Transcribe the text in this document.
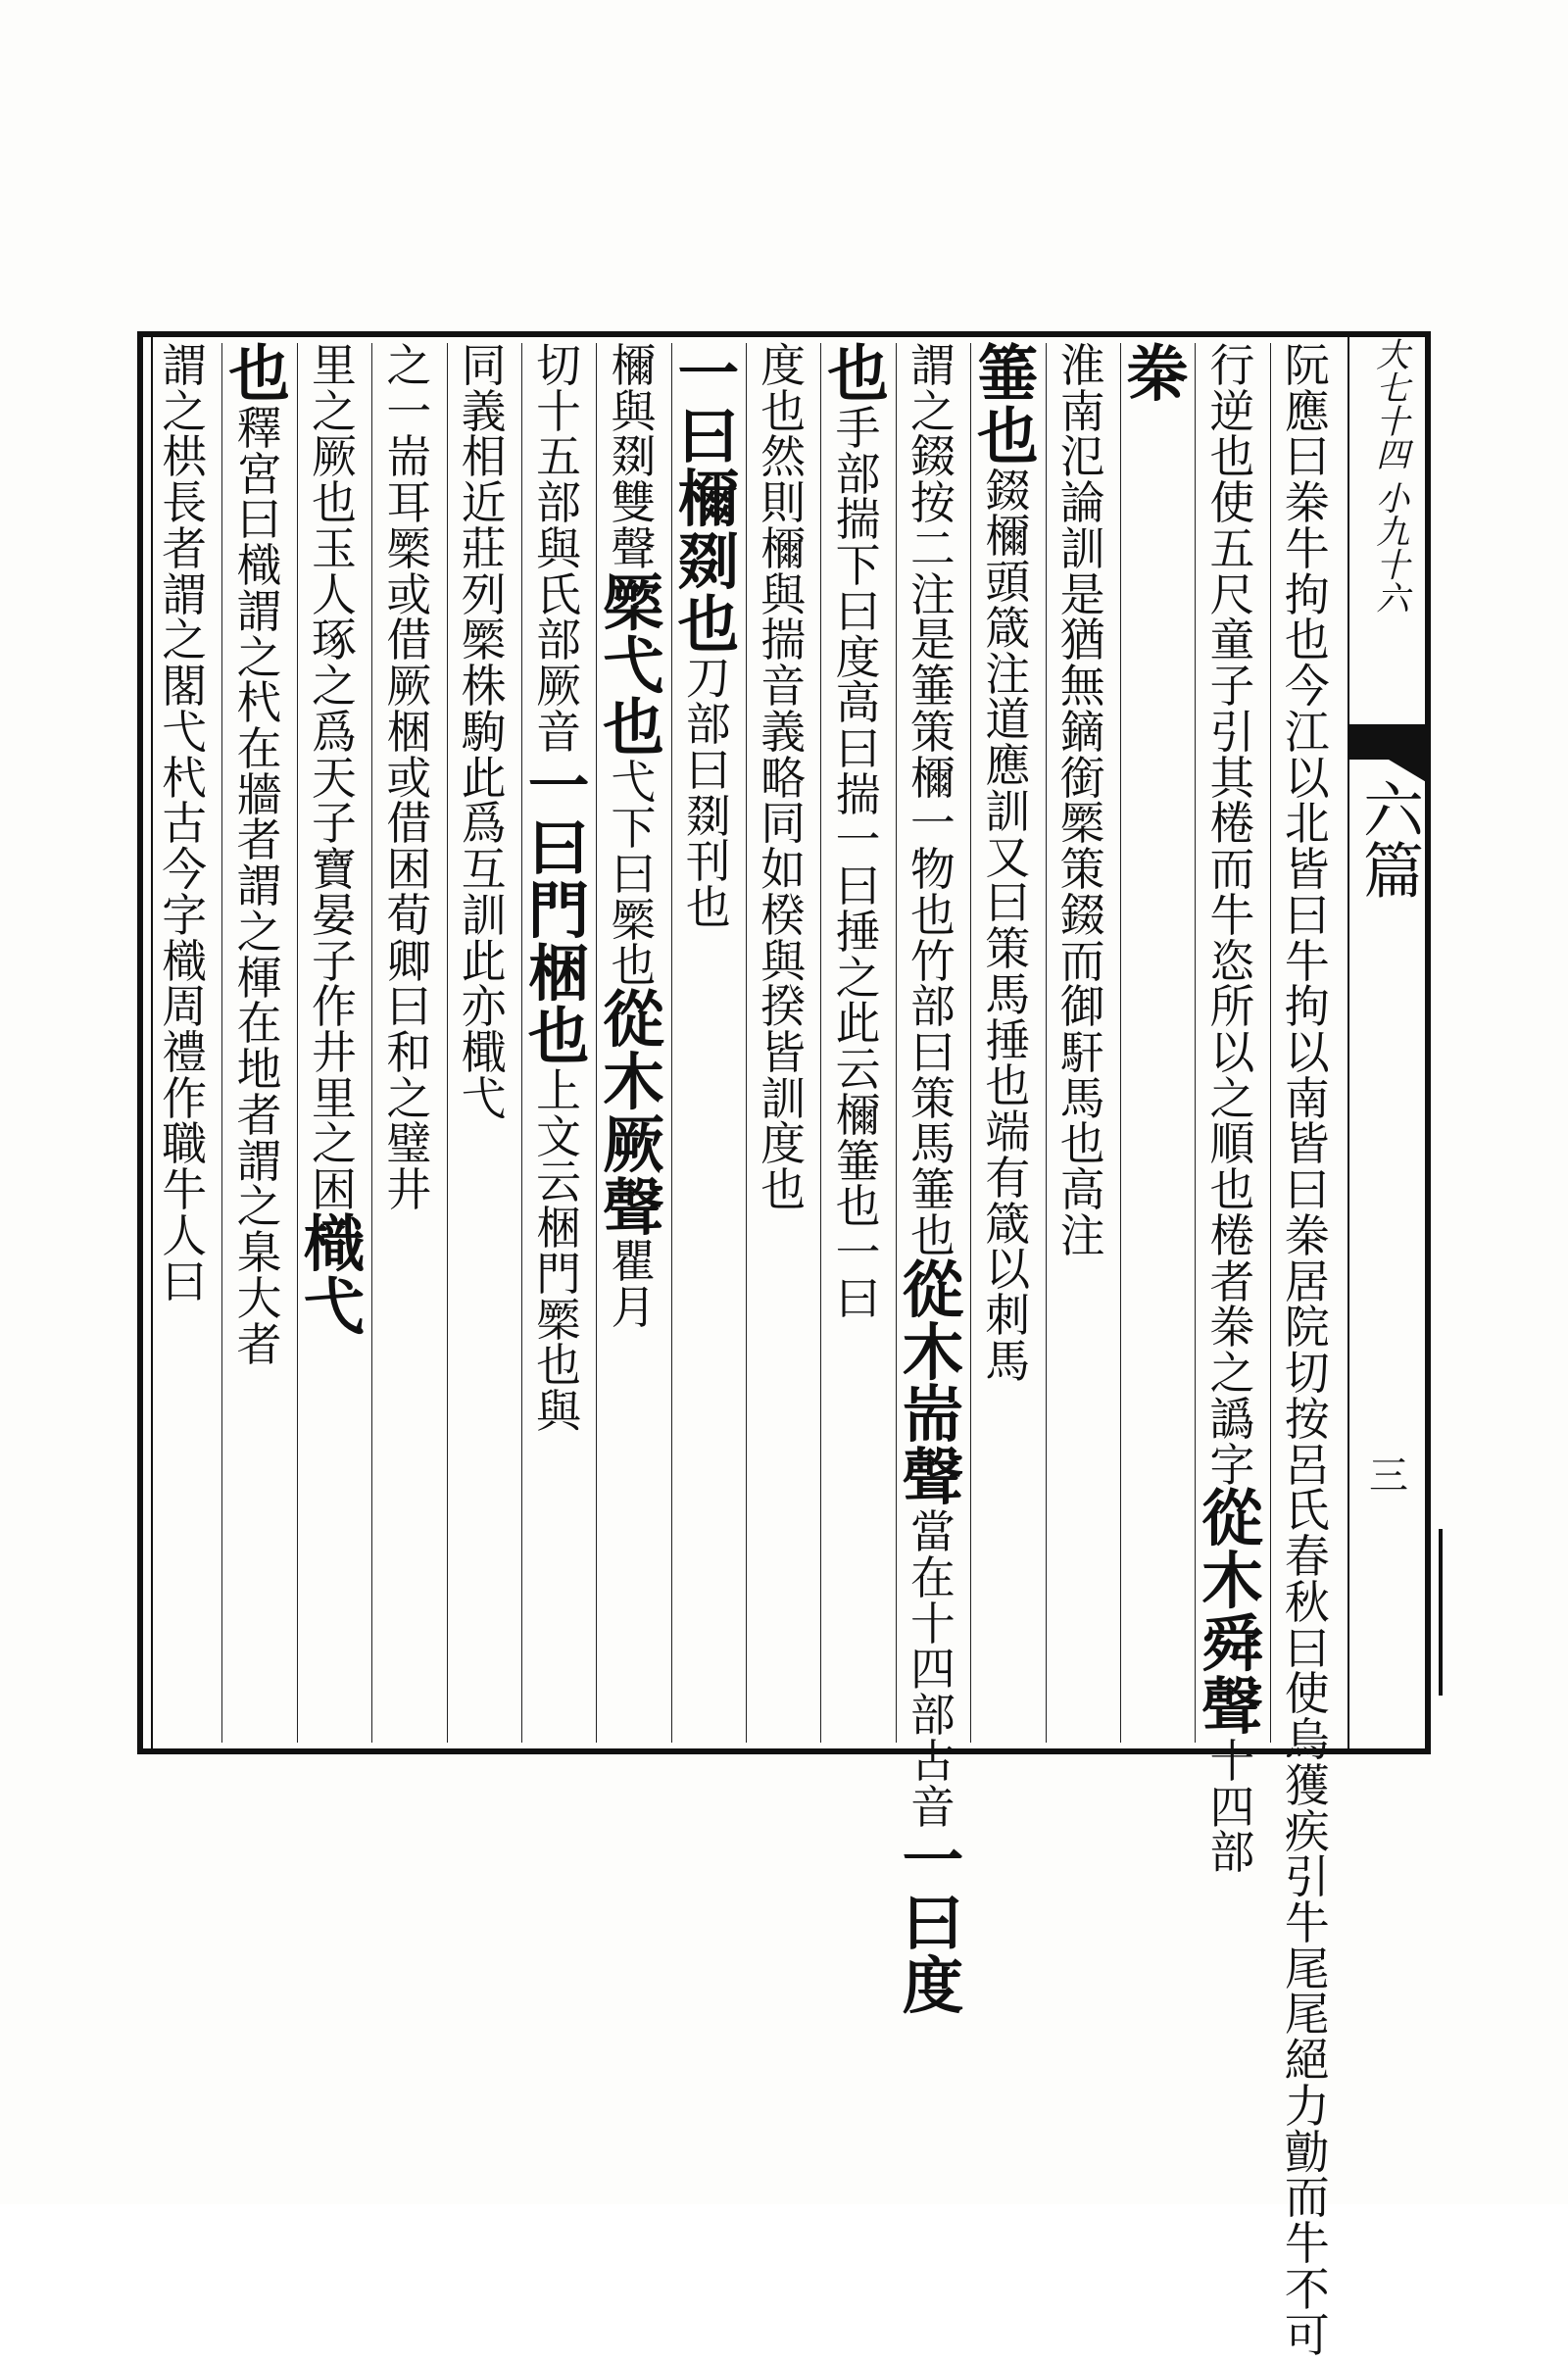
大七十四 小九十六
六篇
三
阮
應
曰
桊
牛
拘
也
今
江
以
北
皆
曰
牛
拘
以
南
皆
曰
桊
居
院
切
按
呂
氏
春
秋
曰
使
烏
獲
疾
引
牛
尾
尾
絕
力
勯
而
牛
不
可
行
逆
也
使
五
尺
童
子
引
其
棬
而
牛
恣
所
以
之
順
也
棬
者
桊
之
譌
字
從
木
舜
聲
十
四
部
桊
淮
南
氾
論
訓
是
猶
無
鏑
銜
橜
策
錣
而
御
馯
馬
也
高
注
箠
也
錣
檷
頭
箴
注
道
應
訓
又
曰
策
馬
捶
也
端
有
箴
以
刺
馬
謂
之
錣
按
二
注
是
箠
策
檷
一
物
也
竹
部
曰
策
馬
箠
也
從
木
耑
聲
當
在
十
四
部
古
音
一
曰
度
也
手
部
揣
下
曰
度
高
曰
揣
一
曰
捶
之
此
云
檷
箠
也
一
曰
度
也
然
則
檷
與
揣
音
義
略
同
如
楑
與
揆
皆
訓
度
也
一
曰
檷
剟
也
刀
部
曰
剟
刊
也
檷
與
剟
雙
聲
橜
弋
也
弋
下
曰
橜
也
從
木
厥
聲
瞿
月
切
十
五
部
與
氏
部
厥
音
一
曰
門
梱
也
上
文
云
梱
門
橜
也
與
同
義
相
近
莊
列
橜
株
駒
此
爲
互
訓
此
亦
檝
弋
之
一
耑
耳
橜
或
借
厥
梱
或
借
困
荀
卿
曰
和
之
璧
井
里
之
厥
也
玉
人
琢
之
爲
天
子
寶
晏
子
作
井
里
之
困
樴
弋
也
釋
宮
曰
樴
謂
之
杙
在
牆
者
謂
之
楎
在
地
者
謂
之
臬
大
者
謂
之
栱
長
者
謂
之
閣
弋
杙
古
今
字
樴
周
禮
作
職
牛
人
曰
